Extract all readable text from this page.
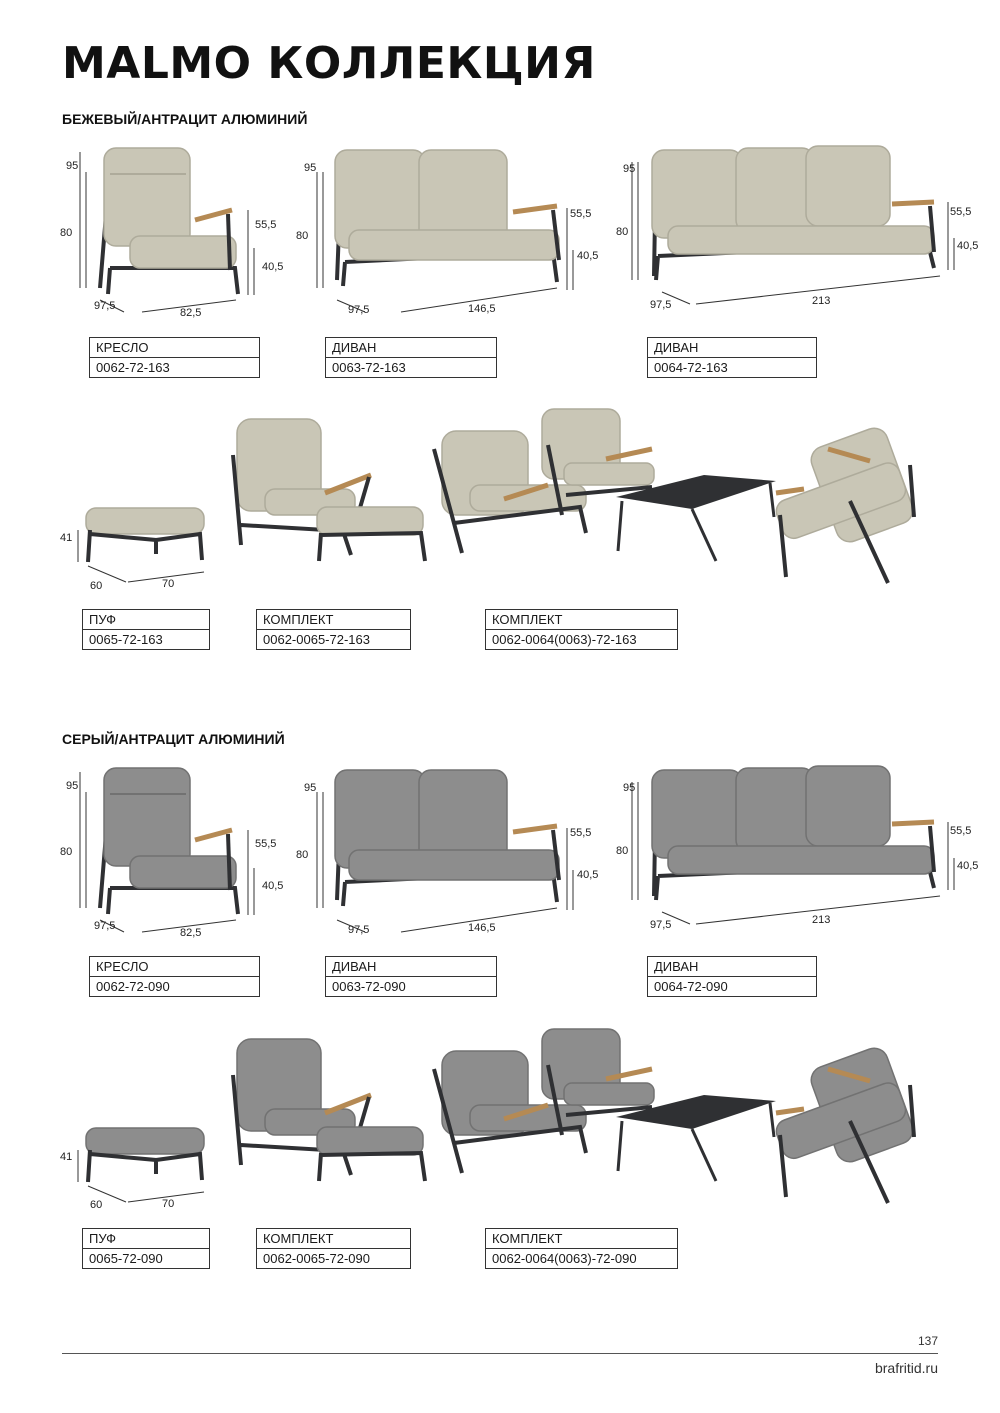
MALMO КОЛЛЕКЦИЯ
БЕЖЕВЫЙ/АНТРАЦИТ АЛЮМИНИЙ
95
80
55,5
40,5
97,5
82,5
КРЕСЛО
0062-72-163
95
80
55,5
40,5
97,5	146,5
ДИВАН
0063-72-163
95
80
55,5
40,5
97,5	213
ДИВАН
0064-72-163
41
60	70
ПУФ
0065-72-163
КОМПЛЕКТ
0062-0065-72-163
КОМПЛЕКТ
0062-0064(0063)-72-163
СЕРЫЙ/АНТРАЦИТ АЛЮМИНИЙ
95
80
55,5
40,5
97,5
82,5
КРЕСЛО
0062-72-090
95
80
55,5
40,5
97,5	146,5
ДИВАН
0063-72-090
95
80
55,5
40,5
97,5	213
ДИВАН
0064-72-090
41
60	70
ПУФ
0065-72-090
КОМПЛЕКТ
0062-0065-72-090
КОМПЛЕКТ
0062-0064(0063)-72-090
137
brafritid.ru
